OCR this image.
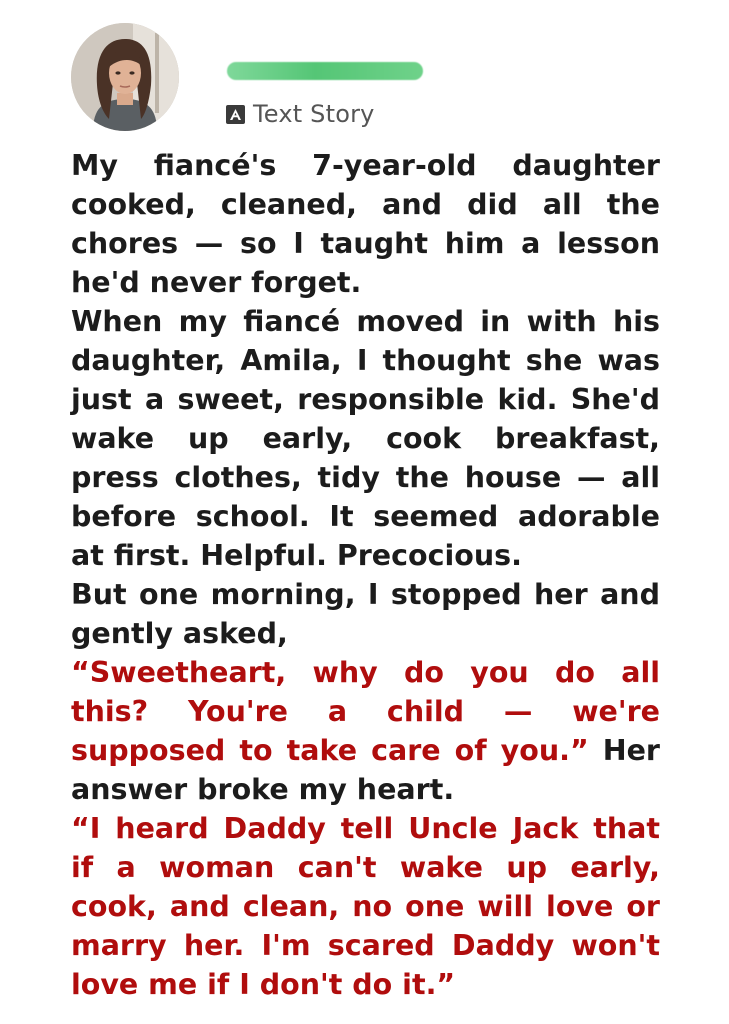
Text Story

My fiancé's 7-year-old daughter cooked, cleaned, and did all the chores — so I taught him a lesson he'd never forget.

When my fiancé moved in with his daughter, Amila, I thought she was just a sweet, responsible kid. She'd wake up early, cook breakfast, press clothes, tidy the house — all before school. It seemed adorable at first. Helpful. Precocious.

But one morning, I stopped her and gently asked,

“Sweetheart, why do you do all this? You're a child — we're supposed to take care of you.” Her answer broke my heart.

“I heard Daddy tell Uncle Jack that if a woman can't wake up early, cook, and clean, no one will love or marry her. I'm scared Daddy won't love me if I don't do it.”
